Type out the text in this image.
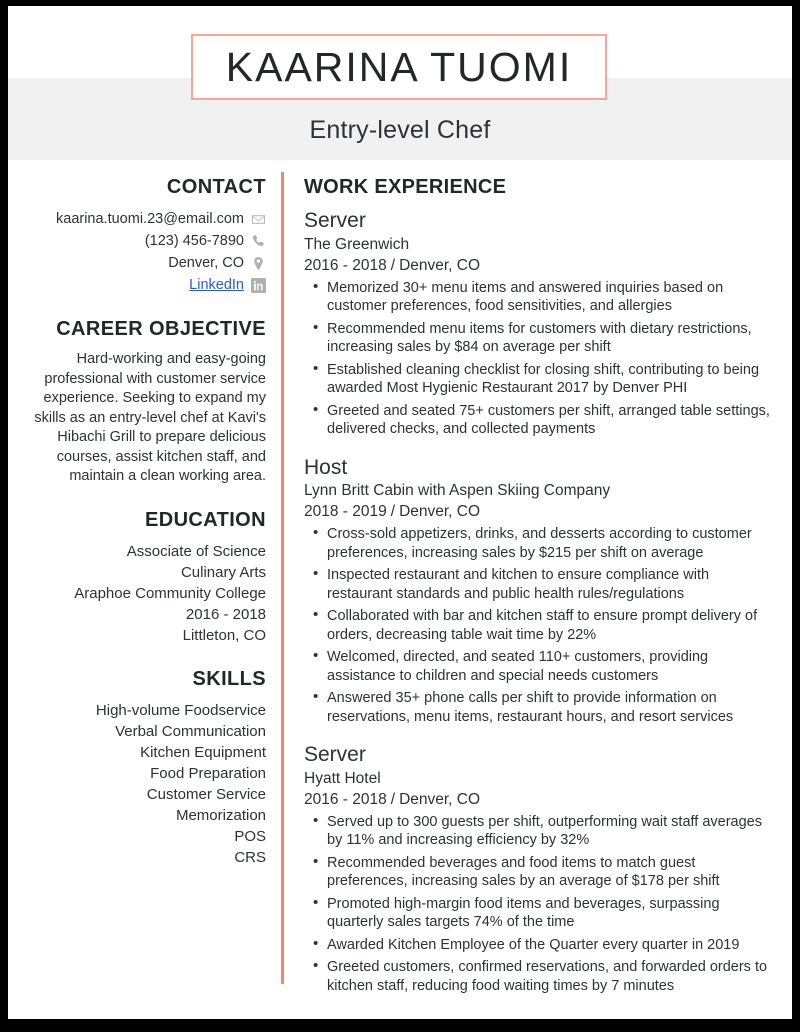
KAARINA TUOMI
Entry-level Chef
CONTACT
kaarina.tuomi.23@email.com
(123) 456-7890
Denver, CO
LinkedIn
CAREER OBJECTIVE
Hard-working and easy-going professional with customer service experience. Seeking to expand my skills as an entry-level chef at Kavi's Hibachi Grill to prepare delicious courses, assist kitchen staff, and maintain a clean working area.
EDUCATION
Associate of Science
Culinary Arts
Araphoe Community College
2016 - 2018
Littleton, CO
SKILLS
High-volume Foodservice
Verbal Communication
Kitchen Equipment
Food Preparation
Customer Service
Memorization
POS
CRS
WORK EXPERIENCE
Server
The Greenwich
2016 - 2018 / Denver, CO
• Memorized 30+ menu items and answered inquiries based on customer preferences, food sensitivities, and allergies
• Recommended menu items for customers with dietary restrictions, increasing sales by $84 on average per shift
• Established cleaning checklist for closing shift, contributing to being awarded Most Hygienic Restaurant 2017 by Denver PHI
• Greeted and seated 75+ customers per shift, arranged table settings, delivered checks, and collected payments
Host
Lynn Britt Cabin with Aspen Skiing Company
2018 - 2019 / Denver, CO
• Cross-sold appetizers, drinks, and desserts according to customer preferences, increasing sales by $215 per shift on average
• Inspected restaurant and kitchen to ensure compliance with restaurant standards and public health rules/regulations
• Collaborated with bar and kitchen staff to ensure prompt delivery of orders, decreasing table wait time by 22%
• Welcomed, directed, and seated 110+ customers, providing assistance to children and special needs customers
• Answered 35+ phone calls per shift to provide information on reservations, menu items, restaurant hours, and resort services
Server
Hyatt Hotel
2016 - 2018 / Denver, CO
• Served up to 300 guests per shift, outperforming wait staff averages by 11% and increasing efficiency by 32%
• Recommended beverages and food items to match guest preferences, increasing sales by an average of $178 per shift
• Promoted high-margin food items and beverages, surpassing quarterly sales targets 74% of the time
• Awarded Kitchen Employee of the Quarter every quarter in 2019
• Greeted customers, confirmed reservations, and forwarded orders to kitchen staff, reducing food waiting times by 7 minutes
